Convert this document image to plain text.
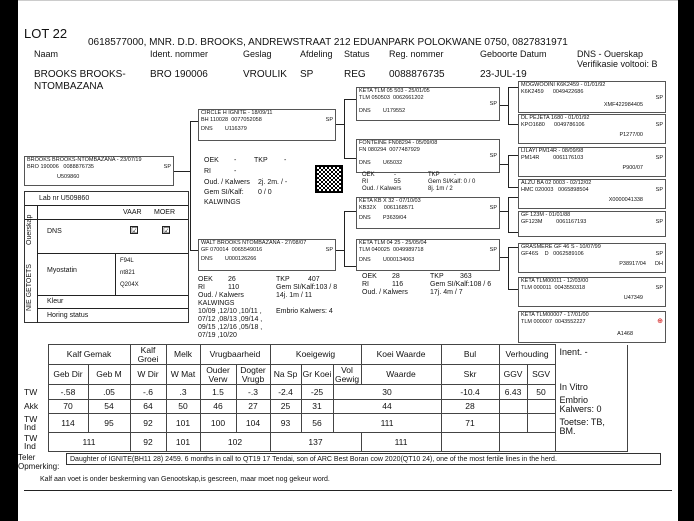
LOT 22
0618577000, MNR. D.D. BROOKS, ANDREWSTRAAT 212 EDUANPARK POLOKWANE 0750, 0827831971
Naam	Ident. nommer	Geslag	Afdeling Status Reg. nommer	Geboorte Datum	DNS - Ouerskap
Verifikasie voltooi: B
BROOKS BROOKS-NTOMBAZANA
BRO 190006	VROULIK SP	REG 0088876735	23-JUL-19
BROOKS BROOKS-NTOMBAZANA - 23/07/19
BRO 190006 0088876735	SP
U509860
Lab nr U509860
VAAR MOER
Ouerskap DNS	☑	☑
NIE GETOETS Myostatin
F94L
nt821
Q204X
Kleur
Horing status
CIRCLE H IGNITE - 18/09/11
BH 110028 0077052058	SP
DNS U116379
OEK -	TKP -
RI	-
Oud. / Kalwers 2j. 2m. / -
Gem SI/Kalf: 0 / 0
KALWINGS
WALT BROOKS NTOMBAZANA - 27/08/07
GF 070014 0065549016	SP
DNS U000126266
OEK 26
RI	110
Oud. / Kalwers
KALWINGS
10/09 ,12/10 ,10/11 ,
07/12 ,08/13 ,09/14 ,
09/15 ,12/16 ,05/18 ,
07/19 ,10/20
TKP	407
Gem SI/Kalf:103 / 8
14j. 1m / 11
Embrio Kalwers: 4
KETA TLM 05 503 - 25/01/05
TLM 050503 0062661202
SP
DNS U179552
FONTEINE FN08294 - 05/09/08
FN 080294 0077487929
SP
DNS U65032
OEK	-	TKP -
RI	55	Gem SI/Kalf: 0 / 0
Oud. / Kalwers	8j. 1m / 2
KETA KB X 32 - 07/10/03
KB32X 0061168571	SP
DNS P3639/04
KETA TLM 04 25 - 25/05/04
TLM 040025 0049989718	SP
DNS U000134063
OEK 28	TKP 363
RI	116	Gem SI/Kalf:108 / 6
Oud. / Kalwers	17j. 4m / 7
MOGWOOINI K6K2459 - 01/01/92
K6K2459 0049422686
SP
XMF422984405
DL PEJETA 1680 - 01/01/92
KPO1680 0049786106	SP
P1277/00
LILAYI PM14R - 08/09/98
PM14R	0061176103	SP
P900/07
ALZU BA 02 0003 - 02/12/02
HMC 020003 0065898504	SP
X0000041338
GF 123M - 01/01/88
GF123M	0061167193	SP
GRASMERE GF 46 S - 10/07/99
GF46S D 0062589106	SP
P38917/04 DH
KETA TLM00011 - 12/03/00
TLM 000011 0043550318	SP
U47349
KETA TLM00007 - 17/01/00
TLM 000007 0043552227	⊕
A1468
	Kalf Gemak		Kalf Groei	Melk	Vrugbaarheid		Koeigewig			Koei Waarde	Bul	Verhouding		Inent. -
In Vitro
Embrio Kalwers: 0
Toetse: TB, BM.

	Geb Dir	Geb M	W Dir	W Mat	Ouder Verw	Dogter Vrugb	Na Sp	Gr Koei	Vol Gewig	Waarde	Skr	GGV	SGV	
TW	-.58	.05	-.6	.3	1.5	-.3	-2.4	-25	30		-10.4	6.43	50	
Akk	70	54	64	50	46	27	25	31	44		28			
TW Ind	114	95	92	101	100	104	93	56	111		71			
TW Ind	111		92	101	102		137			111				
Teler
Opmerking:
Daughter of IGNITE(BH11 28) 2459. 6 months in call to QT19 17 Tendai, son of ARC Best Boran cow 2020(QT10 24), one of the most fertile lines in the herd.
Kalf aan voet is onder beskerming van Genootskap,is gescreen, maar moet nog gekeur word.
